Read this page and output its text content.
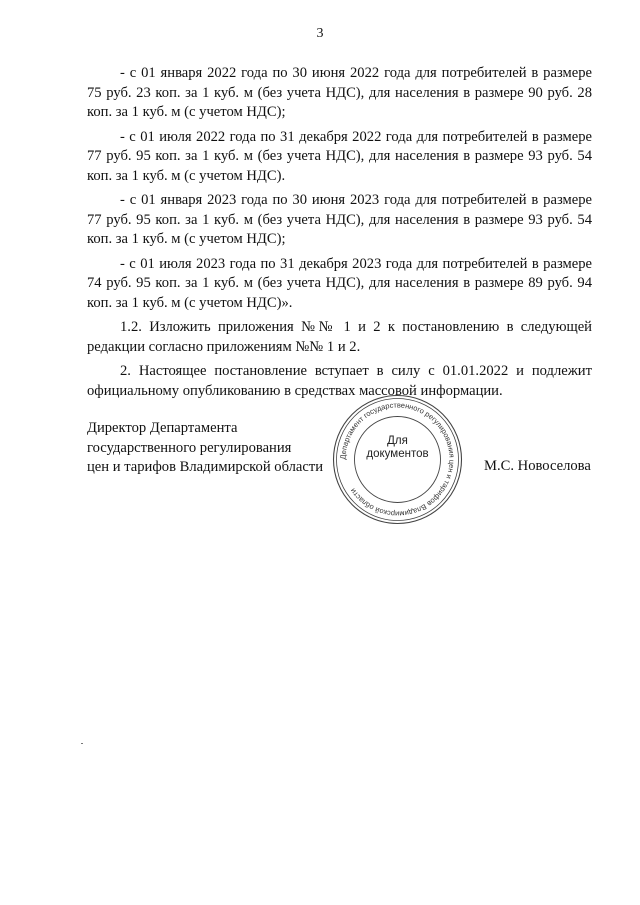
3

- с 01 января 2022 года по 30 июня 2022 года для потребителей в размере 75 руб. 23 коп. за 1 куб. м (без учета НДС), для населения в размере 90 руб. 28 коп. за 1 куб. м (с учетом НДС);

- с 01 июля 2022 года по 31 декабря 2022 года для потребителей в размере 77 руб. 95 коп. за 1 куб. м (без учета НДС), для населения в размере 93 руб. 54 коп. за 1 куб. м (с учетом НДС).

- с 01 января 2023 года по 30 июня 2023 года для потребителей в размере 77 руб. 95 коп. за 1 куб. м (без учета НДС), для населения в размере 93 руб. 54 коп. за 1 куб. м (с учетом НДС);

- с 01 июля 2023 года по 31 декабря 2023 года для потребителей в размере 74 руб. 95 коп. за 1 куб. м (без учета НДС), для населения в размере 89 руб. 94 коп. за 1 куб. м (с учетом НДС)».

1.2. Изложить приложения №№ 1 и 2 к постановлению в следующей редакции согласно приложениям №№ 1 и 2.

2. Настоящее постановление вступает в силу с 01.01.2022 и подлежит официальному опубликованию в средствах массовой информации.

Директор Департамента
государственного регулирования
цен и тарифов Владимирской области
Департамент государственного регулирования цен и тарифов Владимирской области
Для
документов
М.С. Новоселова
